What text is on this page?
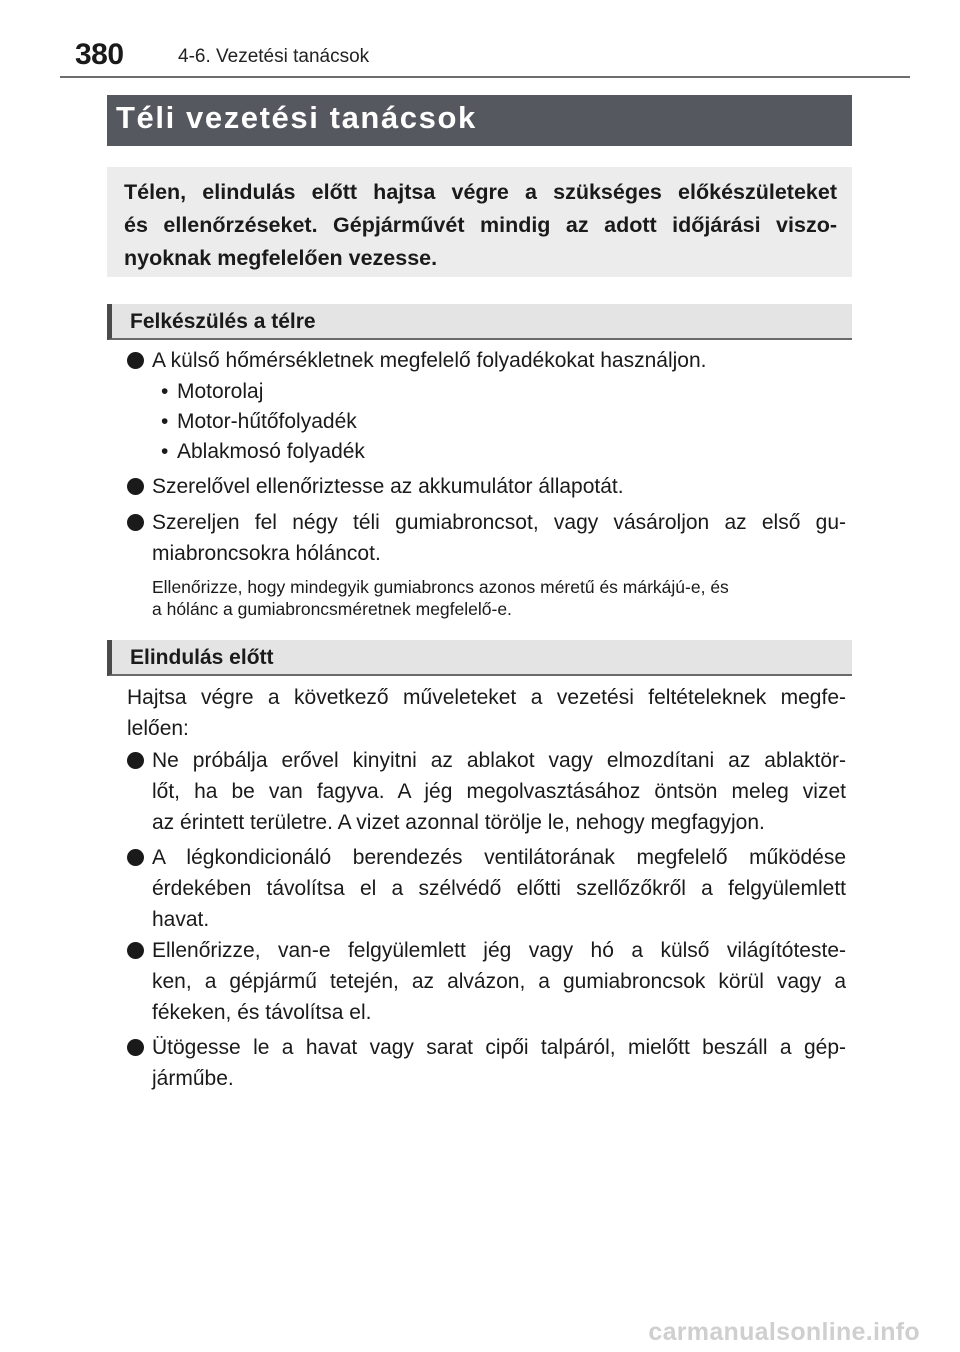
380	4-6. Vezetési tanácsok
Téli vezetési tanácsok
Télen, elindulás előtt hajtsa végre a szükséges előkészületeket
és ellenőrzéseket. Gépjárművét mindig az adott időjárási viszo-
nyoknak megfelelően vezesse.
Felkészülés a télre
A külső hőmérsékletnek megfelelő folyadékokat használjon.
• Motorolaj
• Motor-hűtőfolyadék
• Ablakmosó folyadék
Szerelővel ellenőriztesse az akkumulátor állapotát.
Szereljen fel négy téli gumiabroncsot, vagy vásároljon az első gu-
miabroncsokra hóláncot.
Ellenőrizze, hogy mindegyik gumiabroncs azonos méretű és márkájú-e, és
a hólánc a gumiabroncsméretnek megfelelő-e.
Elindulás előtt
Hajtsa végre a következő műveleteket a vezetési feltételeknek megfe-
lelően:
Ne próbálja erővel kinyitni az ablakot vagy elmozdítani az ablaktör-
lőt, ha be van fagyva. A jég megolvasztásához öntsön meleg vizet
az érintett területre. A vizet azonnal törölje le, nehogy megfagyjon.
A légkondicionáló berendezés ventilátorának megfelelő működése
érdekében távolítsa el a szélvédő előtti szellőzőkről a felgyülemlett
havat.
Ellenőrizze, van-e felgyülemlett jég vagy hó a külső világítóteste-
ken, a gépjármű tetején, az alvázon, a gumiabroncsok körül vagy a
fékeken, és távolítsa el.
Ütögesse le a havat vagy sarat cipői talpáról, mielőtt beszáll a gép-
járműbe.
carmanualsonline.info
